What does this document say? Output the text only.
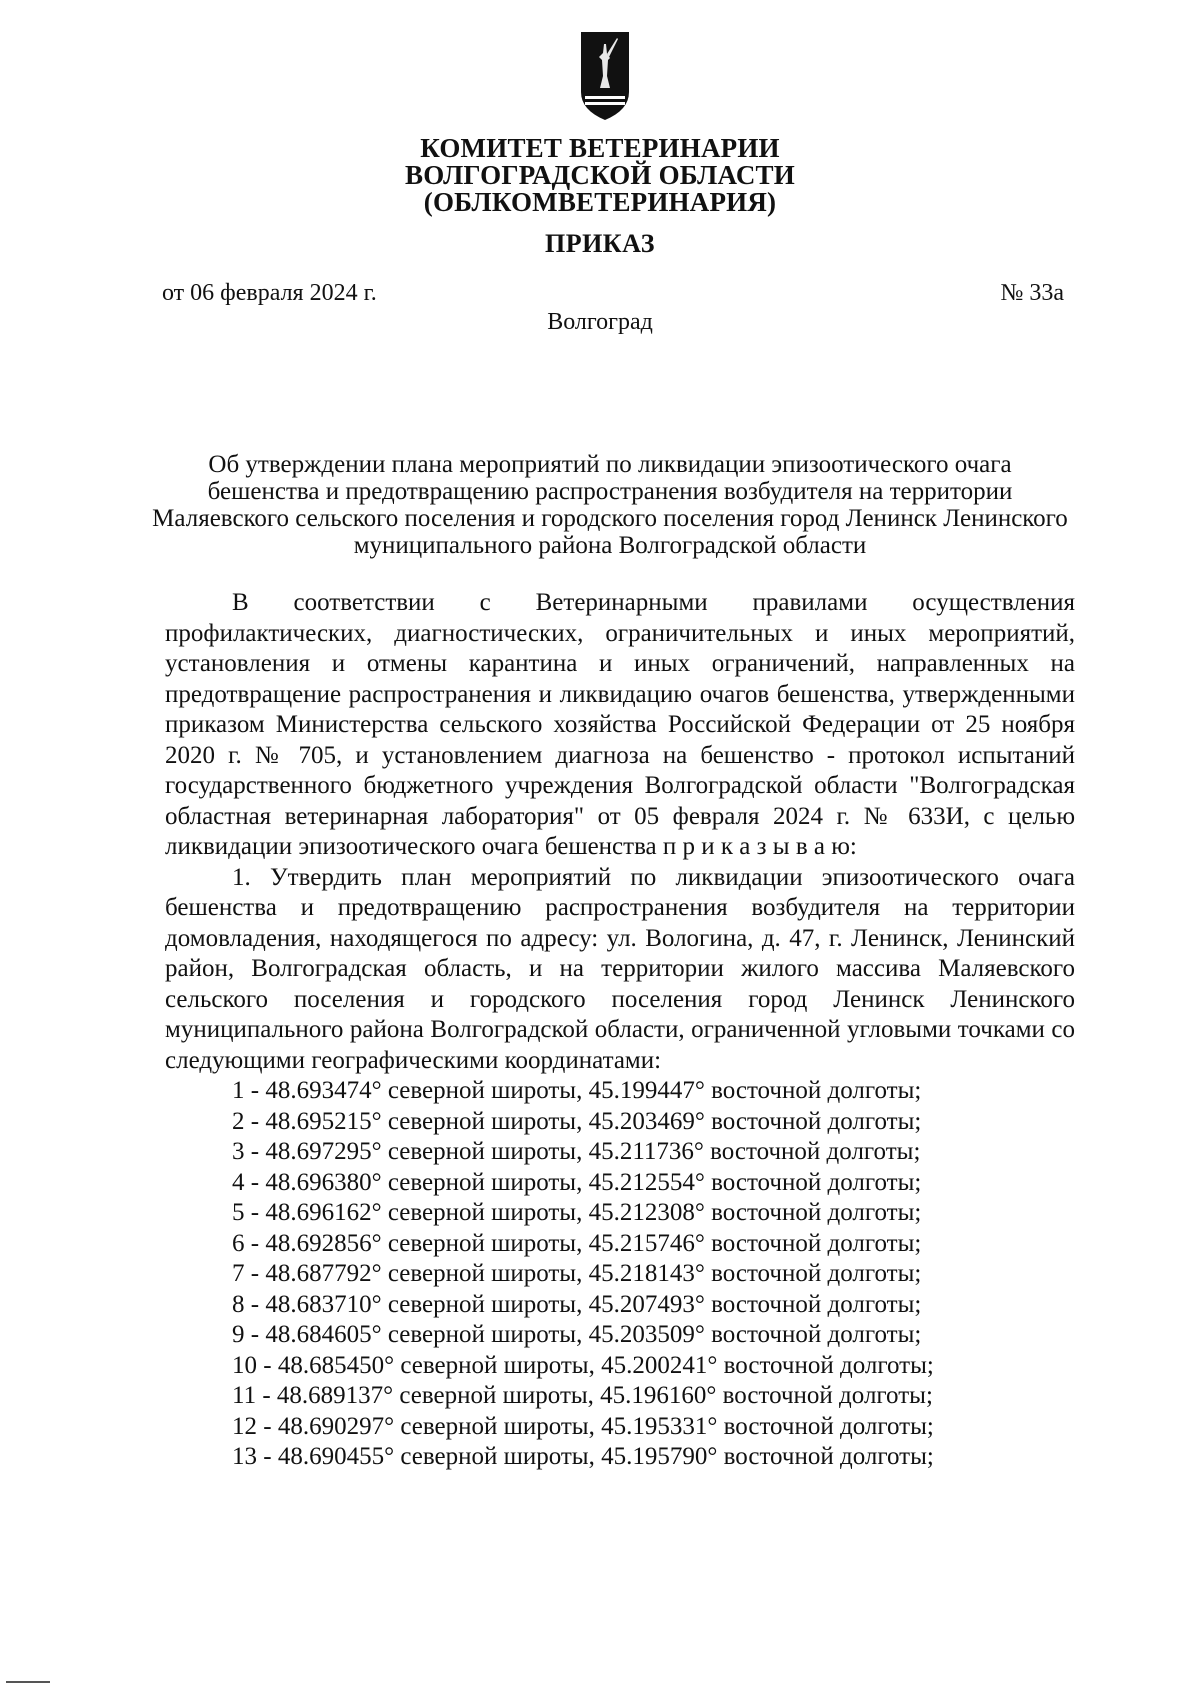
КОМИТЕТ ВЕТЕРИНАРИИ
ВОЛГОГРАДСКОЙ ОБЛАСТИ
(ОБЛКОМВЕТЕРИНАРИЯ)
ПРИКАЗ
от 06 февраля 2024 г.	№ 33а
Волгоград
Об утверждении плана мероприятий по ликвидации эпизоотического очага бешенства и предотвращению распространения возбудителя на территории Маляевского сельского поселения и городского поселения город Ленинск Ленинского муниципального района Волгоградской области

В соответствии с Ветеринарными правилами осуществления профилактических, диагностических, ограничительных и иных мероприятий, установления и отмены карантина и иных ограничений, направленных на предотвращение распространения и ликвидацию очагов бешенства, утвержденными приказом Министерства сельского хозяйства Российской Федерации от 25 ноября 2020 г. № 705, и установлением диагноза на бешенство - протокол испытаний государственного бюджетного учреждения Волгоградской области "Волгоградская областная ветеринарная лаборатория" от 05 февраля 2024 г. № 633И, с целью ликвидации эпизоотического очага бешенства п р и к а з ы в а ю:

1. Утвердить план мероприятий по ликвидации эпизоотического очага бешенства и предотвращению распространения возбудителя на территории домовладения, находящегося по адресу: ул. Вологина, д. 47, г. Ленинск, Ленинский район, Волгоградская область, и на территории жилого массива Маляевского сельского поселения и городского поселения город Ленинск Ленинского муниципального района Волгоградской области, ограниченной угловыми точками со следующими географическими координатами:

1 - 48.693474° северной широты, 45.199447° восточной долготы;
2 - 48.695215° северной широты, 45.203469° восточной долготы;
3 - 48.697295° северной широты, 45.211736° восточной долготы;
4 - 48.696380° северной широты, 45.212554° восточной долготы;
5 - 48.696162° северной широты, 45.212308° восточной долготы;
6 - 48.692856° северной широты, 45.215746° восточной долготы;
7 - 48.687792° северной широты, 45.218143° восточной долготы;
8 - 48.683710° северной широты, 45.207493° восточной долготы;
9 - 48.684605° северной широты, 45.203509° восточной долготы;
10 - 48.685450° северной широты, 45.200241° восточной долготы;
11 - 48.689137° северной широты, 45.196160° восточной долготы;
12 - 48.690297° северной широты, 45.195331° восточной долготы;
13 - 48.690455° северной широты, 45.195790° восточной долготы;
